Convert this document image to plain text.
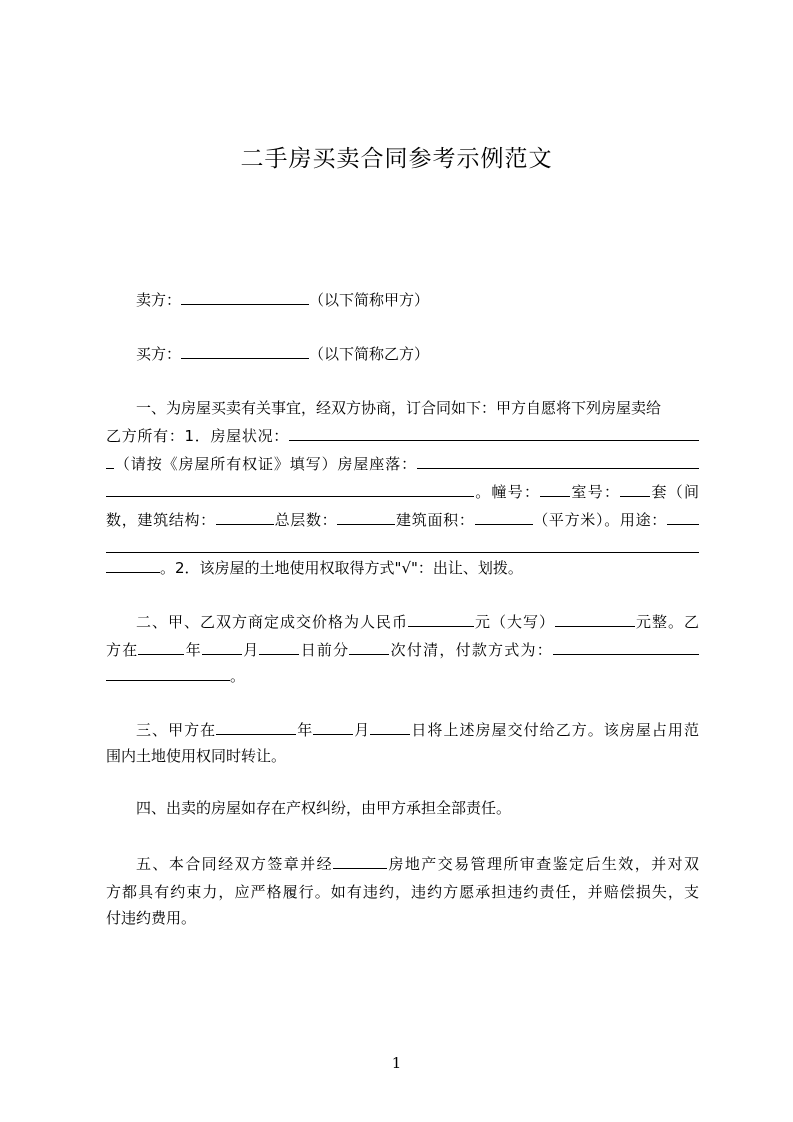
二手房买卖合同参考示例范文
卖方：	（以下简称甲方）
买方：	（以下简称乙方）
一、为房屋买卖有关事宜，经双方协商，订合同如下：甲方自愿将下列房屋卖给
乙方所有：1．房屋状况：
（请按《房屋所有权证》填写）房屋座落：
。幢号： 室号： 套（间
数，建筑结构：	总层数：	建筑面积：	（平方米）。用途：
。2．该房屋的土地使用权取得方式"√"：出让、划拨。
二、甲、乙双方商定成交价格为人民币	元（大写）	元整。乙
方在	年	月	日前分	次付清，付款方式为：
。
三、甲方在	年	月	日将上述房屋交付给乙方。该房屋占用范
围内土地使用权同时转让。
四、出卖的房屋如存在产权纠纷，由甲方承担全部责任。
五、本合同经双方签章并经	房地产交易管理所审查鉴定后生效，并对双
方都具有约束力，应严格履行。如有违约，违约方愿承担违约责任，并赔偿损失，支
付违约费用。
1
